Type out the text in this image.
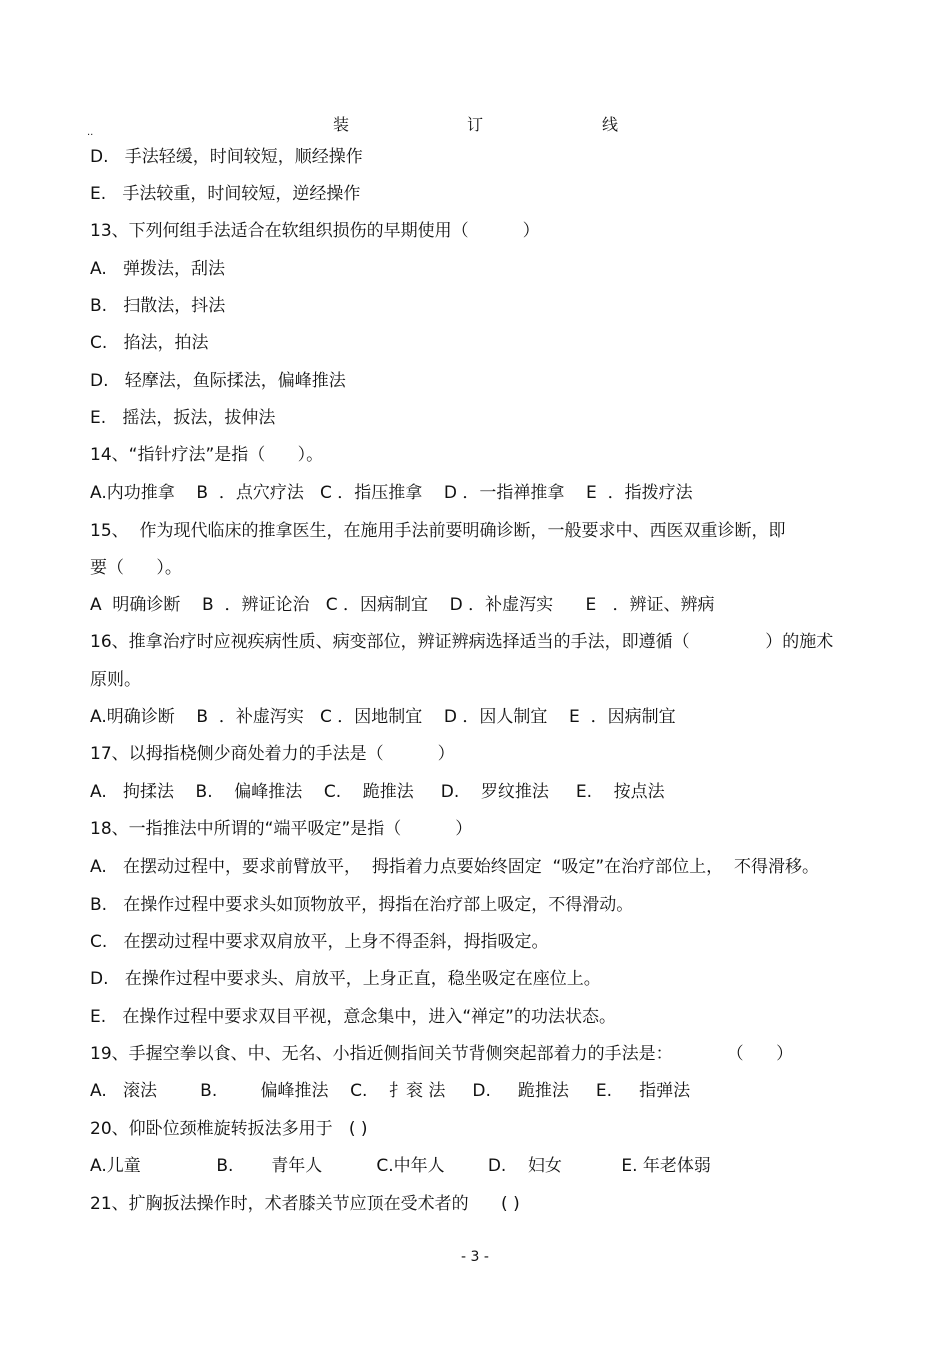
装	订	线
..
D.   手法轻缓，时间较短，顺经操作
E.   手法较重，时间较短，逆经操作
13、下列何组手法适合在软组织损伤的早期使用（          ）
A.   弹拨法，刮法
B.   扫散法，抖法
C.   掐法，拍法
D.   轻摩法，鱼际揉法，偏峰推法
E.   摇法，扳法，拔伸法
14、“指针疗法”是指（      ）。
A.内功推拿    B  ．点穴疗法   C ．指压推拿    D ．一指禅推拿    E  ．指拨疗法
15、  作为现代临床的推拿医生，在施用手法前要明确诊断，一般要求中、西医双重诊断，即
要（      ）。
A  明确诊断    B  ．辨证论治   C ．因病制宜    D ．补虚泻实      E   ．辨证、辨病
16、推拿治疗时应视疾病性质、病变部位，辨证辨病选择适当的手法，即遵循（              ）的施术
原则。
A.明确诊断    B  ．补虚泻实   C ．因地制宜    D ．因人制宜    E  ．因病制宜
17、以拇指桡侧少商处着力的手法是（          ）
A.   拘揉法    B.    偏峰推法    C.    跪推法     D.    罗纹推法     E.    按点法
18、一指推法中所谓的“端平吸定”是指（          ）
A.   在摆动过程中，要求前臂放平，  拇指着力点要始终固定  “吸定”在治疗部位上，  不得滑移。
B.   在操作过程中要求头如顶物放平，拇指在治疗部上吸定，不得滑动。
C.   在摆动过程中要求双肩放平，上身不得歪斜，拇指吸定。
D.   在操作过程中要求头、肩放平，上身正直，稳坐吸定在座位上。
E.   在操作过程中要求双目平视，意念集中，进入“禅定”的功法状态。
19、手握空拳以食、中、无名、小指近侧指间关节背侧突起部着力的手法是：          （      ）
A.   滚法        B.        偏峰推法    C.    扌衮 法     D.     跪推法     E.     指弹法
20、仰卧位颈椎旋转扳法多用于   ( )
A.儿童              B.       青年人          C.中年人        D.    妇女           E. 年老体弱
21、扩胸扳法操作时，术者膝关节应顶在受术者的      ( )
- 3 -
